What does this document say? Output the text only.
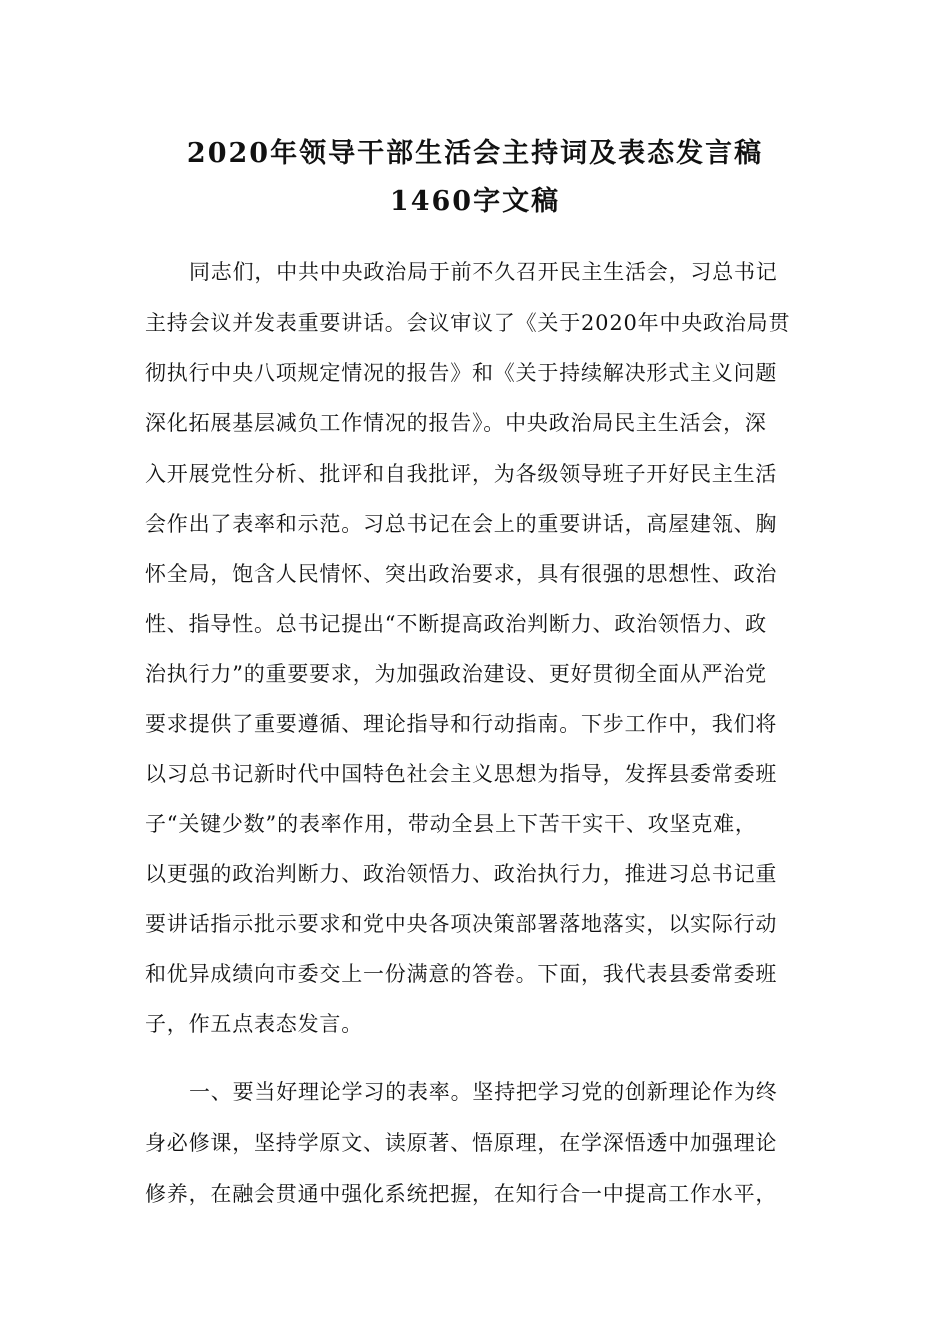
2020年领导干部生活会主持词及表态发言稿
1460字文稿
同志们，中共中央政治局于前不久召开民主生活会，习总书记
主持会议并发表重要讲话。会议审议了《关于2020年中央政治局贯
彻执行中央八项规定情况的报告》和《关于持续解决形式主义问题
深化拓展基层减负工作情况的报告》。中央政治局民主生活会，深
入开展党性分析、批评和自我批评，为各级领导班子开好民主生活
会作出了表率和示范。习总书记在会上的重要讲话，高屋建瓴、胸
怀全局，饱含人民情怀、突出政治要求，具有很强的思想性、政治
性、指导性。总书记提出“不断提高政治判断力、政治领悟力、政
治执行力”的重要要求，为加强政治建设、更好贯彻全面从严治党
要求提供了重要遵循、理论指导和行动指南。下步工作中，我们将
以习总书记新时代中国特色社会主义思想为指导，发挥县委常委班
子“关键少数”的表率作用，带动全县上下苦干实干、攻坚克难，
以更强的政治判断力、政治领悟力、政治执行力，推进习总书记重
要讲话指示批示要求和党中央各项决策部署落地落实，以实际行动
和优异成绩向市委交上一份满意的答卷。下面，我代表县委常委班
子，作五点表态发言。
一、要当好理论学习的表率。坚持把学习党的创新理论作为终
身必修课，坚持学原文、读原著、悟原理，在学深悟透中加强理论
修养，在融会贯通中强化系统把握，在知行合一中提高工作水平，
